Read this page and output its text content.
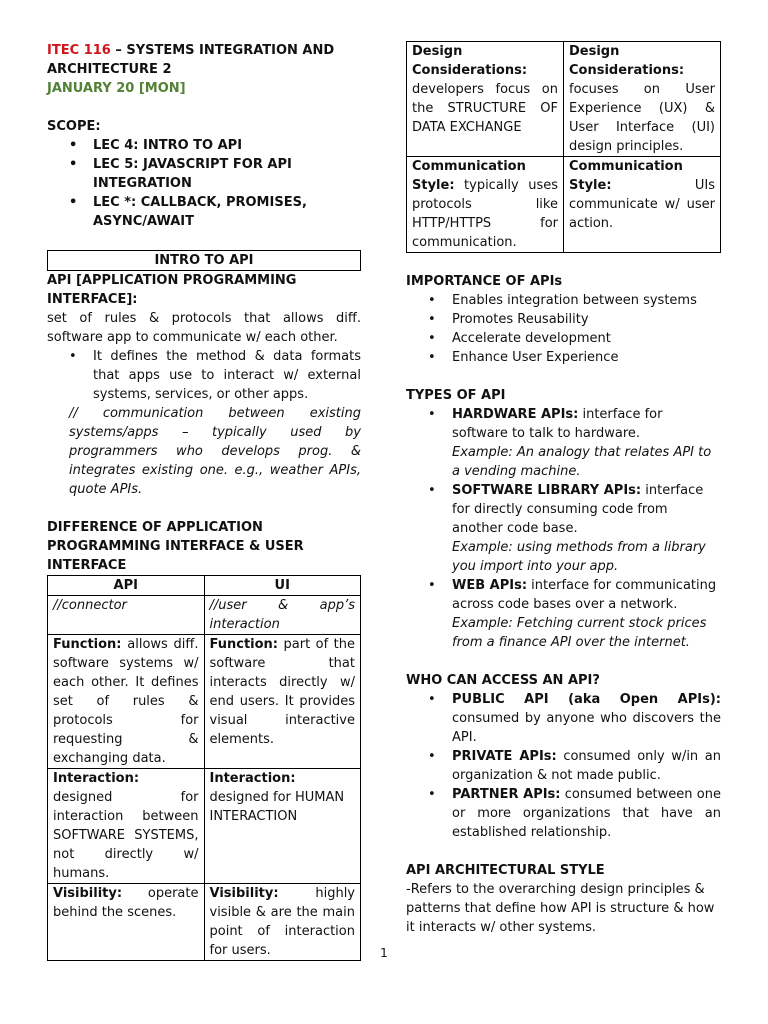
ITEC 116 – SYSTEMS INTEGRATION AND ARCHITECTURE 2

JANUARY 20 [MON]

SCOPE:

• LEC 4: INTRO TO API
• LEC 5: JAVASCRIPT FOR API INTEGRATION
• LEC *: CALLBACK, PROMISES, ASYNC/AWAIT
INTRO TO API

API [APPLICATION PROGRAMMING INTERFACE]:

set of rules & protocols that allows diff. software app to communicate w/ each other.

• It defines the method & data formats that apps use to interact w/ external systems, services, or other apps.

// communication between existing systems/apps – typically used by programmers who develops prog. & integrates existing one. e.g., weather APIs, quote APIs.

DIFFERENCE OF APPLICATION PROGRAMMING INTERFACE & USER INTERFACE

API	UI
//connector	//user & app’s interaction
Function: allows diff. software systems w/ each other. It defines set of rules & protocols for requesting & exchanging data.	Function: part of the software that interacts directly w/ end users. It provides visual interactive elements.
Interaction: designed for interaction between SOFTWARE SYSTEMS, not directly w/ humans.	Interaction: designed for HUMAN INTERACTION
Visibility: operate behind the scenes.	Visibility: highly visible & are the main point of interaction for users.
Design Considerations: developers focus on the STRUCTURE OF DATA EXCHANGE	Design Considerations: focuses on User Experience (UX) & User Interface (UI) design principles.
Communication Style: typically uses protocols like HTTP/HTTPS for communication.	Communication Style: UIs communicate w/ user action.

IMPORTANCE OF APIs

• Enables integration between systems
• Promotes Reusability
• Accelerate development
• Enhance User Experience

TYPES OF API

• HARDWARE APIs: interface for software to talk to hardware.
Example: An analogy that relates API to a vending machine.
• SOFTWARE LIBRARY APIs: interface for directly consuming code from another code base.
Example: using methods from a library you import into your app.
• WEB APIs: interface for communicating across code bases over a network.
Example: Fetching current stock prices from a finance API over the internet.

WHO CAN ACCESS AN API?

• PUBLIC API (aka Open APIs): consumed by anyone who discovers the API.
• PRIVATE APIs: consumed only w/in an organization & not made public.
• PARTNER APIs: consumed between one or more organizations that have an established relationship.

API ARCHITECTURAL STYLE

-Refers to the overarching design principles & patterns that define how API is structure & how it interacts w/ other systems.

1
